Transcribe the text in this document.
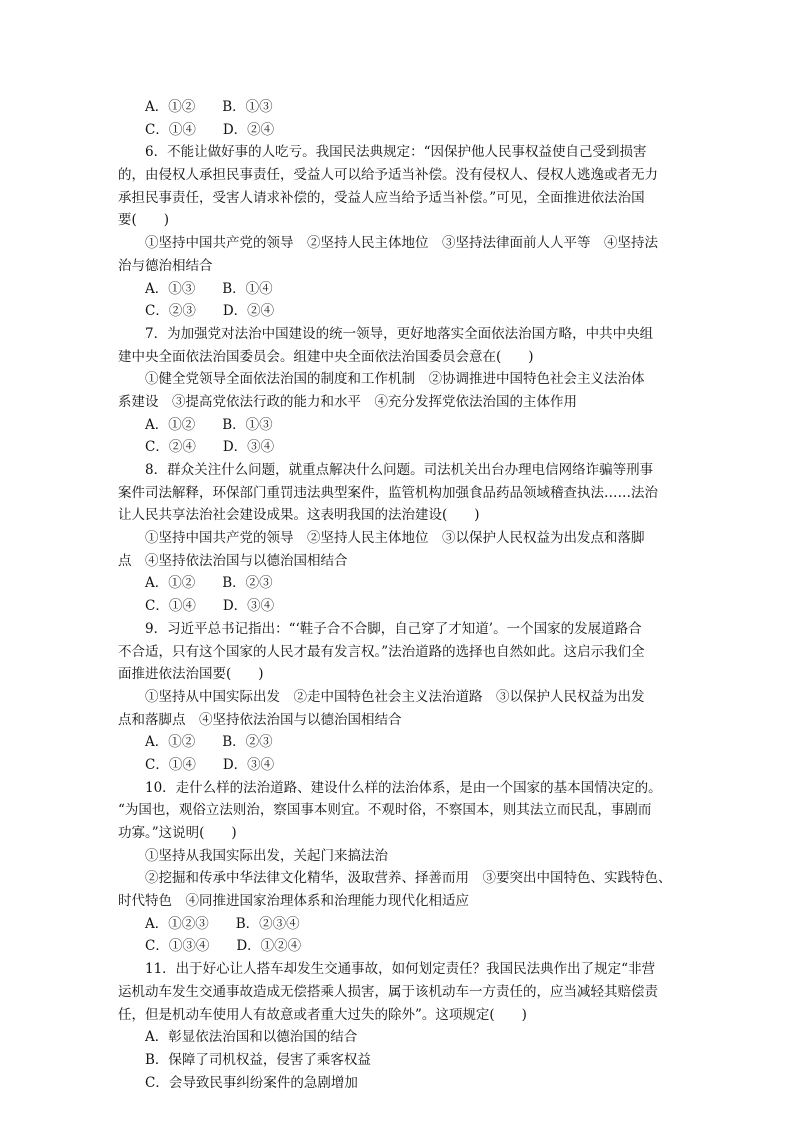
A．①②　　B．①③
C．①④　　D．②④
6．不能让做好事的人吃亏。我国民法典规定：“因保护他人民事权益使自己受到损害
的，由侵权人承担民事责任，受益人可以给予适当补偿。没有侵权人、侵权人逃逸或者无力
承担民事责任，受害人请求补偿的，受益人应当给予适当补偿。”可见，全面推进依法治国
要(　　)
①坚持中国共产党的领导　②坚持人民主体地位　③坚持法律面前人人平等　④坚持法
治与德治相结合
A．①③　　B．①④
C．②③　　D．②④
7．为加强党对法治中国建设的统一领导，更好地落实全面依法治国方略，中共中央组
建中央全面依法治国委员会。组建中央全面依法治国委员会意在(　　)
①健全党领导全面依法治国的制度和工作机制　②协调推进中国特色社会主义法治体
系建设　③提高党依法行政的能力和水平　④充分发挥党依法治国的主体作用
A．①②　　B．①③
C．②④　　D．③④
8．群众关注什么问题，就重点解决什么问题。司法机关出台办理电信网络诈骗等刑事
案件司法解释，环保部门重罚违法典型案件，监管机构加强食品药品领域稽查执法……法治
让人民共享法治社会建设成果。这表明我国的法治建设(　　)
①坚持中国共产党的领导　②坚持人民主体地位　③以保护人民权益为出发点和落脚
点　④坚持依法治国与以德治国相结合
A．①②　　B．②③
C．①④　　D．③④
9．习近平总书记指出：“‘鞋子合不合脚，自己穿了才知道’。一个国家的发展道路合
不合适，只有这个国家的人民才最有发言权。”法治道路的选择也自然如此。这启示我们全
面推进依法治国要(　　)
①坚持从中国实际出发　②走中国特色社会主义法治道路　③以保护人民权益为出发
点和落脚点　④坚持依法治国与以德治国相结合
A．①②　　B．②③
C．①④　　D．③④
10．走什么样的法治道路、建设什么样的法治体系，是由一个国家的基本国情决定的。
“为国也，观俗立法则治，察国事本则宜。不观时俗，不察国本，则其法立而民乱，事剧而
功寡。”这说明(　　)
①坚持从我国实际出发，关起门来搞法治
②挖掘和传承中华法律文化精华，汲取营养、择善而用　③要突出中国特色、实践特色、
时代特色　④同推进国家治理体系和治理能力现代化相适应
A．①②③　　B．②③④
C．①③④　　D．①②④
11．出于好心让人搭车却发生交通事故，如何划定责任？我国民法典作出了规定“非营
运机动车发生交通事故造成无偿搭乘人损害，属于该机动车一方责任的，应当减轻其赔偿责
任，但是机动车使用人有故意或者重大过失的除外”。这项规定(　　)
A．彰显依法治国和以德治国的结合
B．保障了司机权益，侵害了乘客权益
C．会导致民事纠纷案件的急剧增加
